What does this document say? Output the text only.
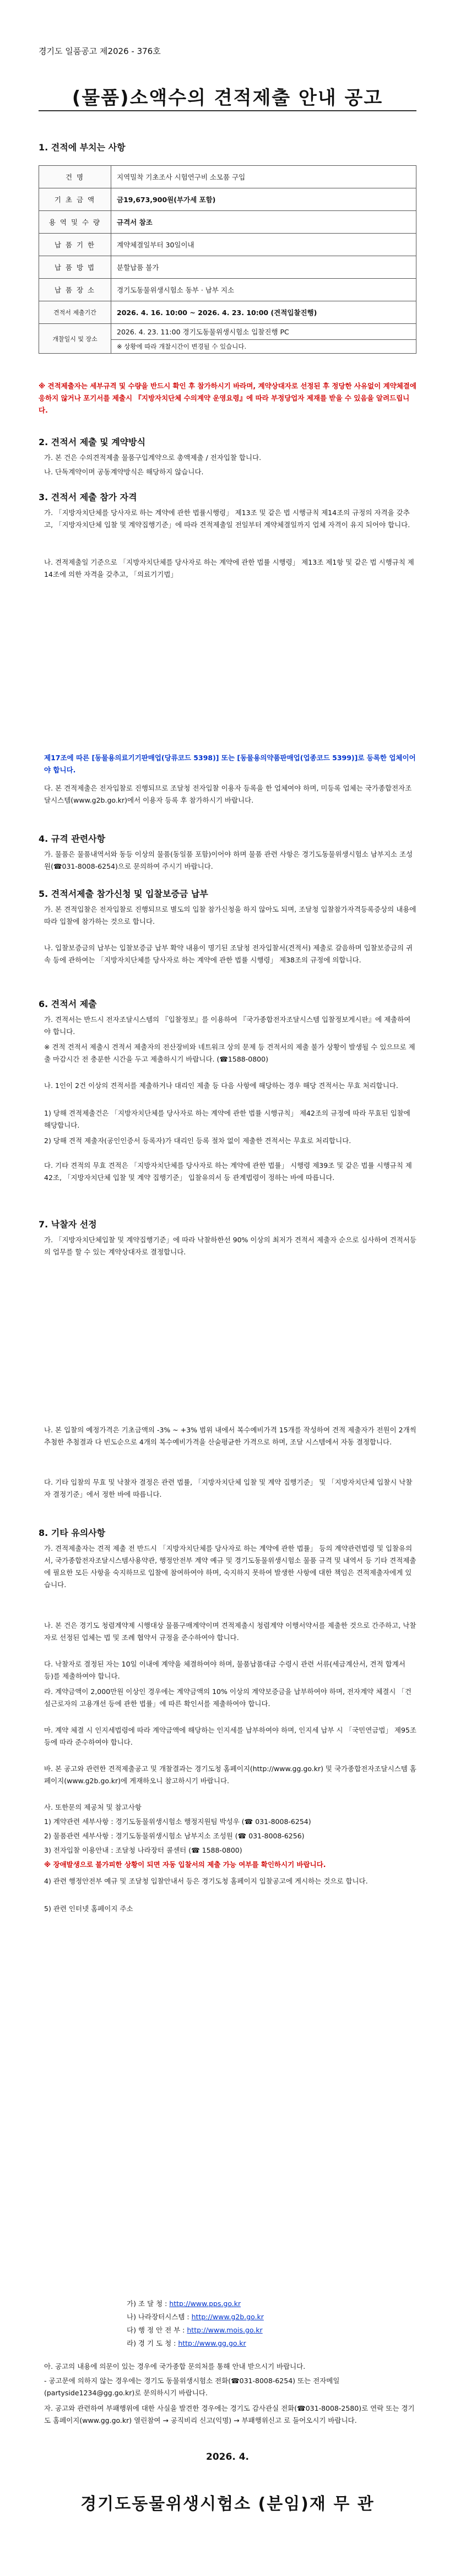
경기도 일품공고 제2026 - 376호
(물품)소액수의 견적제출 안내 공고
1. 견적에 부치는 사항
건 명	지역밀착 기초조사 시험연구비 소모품 구입
기 초 금 액	금19,673,900원(부가세 포함)
용 역 및 수 량	규격서 참조
납 품 기 한	계약체결일부터 30일이내
납 품 방 법	분할납품 불가
납 품 장 소	경기도동물위생시험소 동부 · 남부 지소
견적서 제출기간	2026. 4. 16. 10:00 ~ 2026. 4. 23. 10:00 (견적입찰진행)
개찰일시 및 장소	2026. 4. 23. 11:00 경기도동물위생시험소 입찰진행 PC
	※ 상황에 따라 개찰시간이 변경될 수 있습니다.
※ 견적제출자는 세부규격 및 수량을 반드시 확인 후 참가하시기 바라며, 계약상대자로 선정된 후 정당한 사유없이 계약체결에 응하지 않거나 포기서를 제출시 『지방자치단체 수의계약 운영요령』에 따라 부정당업자 제재를 받을 수 있음을 알려드립니다.
2. 견적서 제출 및 계약방식
가. 본 건은 수의견적제출 물품구입계약으로 총액제출 / 전자입찰 합니다.
나. 단독계약이며 공동계약방식은 해당하지 않습니다.
3. 견적서 제출 참가 자격
가. 「지방자치단체를 당사자로 하는 계약에 관한 법률시행령」 제13조 및 같은 법 시행규칙 제14조의 규정의 자격을 갖추고, 「지방자치단체 입찰 및 계약집행기준」에 따라 견적제출일 전일부터 계약체결일까지 업체 자격이 유지 되어야 합니다.
나. 견적제출일 기준으로 「지방자치단체를 당사자로 하는 계약에 관한 법률 시행령」 제13조 제1항 및 같은 법 시행규칙 제14조에 의한 자격을 갖추고, 「의료기기법」
제17조에 따른 [동물용의료기기판매업(당류코드 5398)] 또는 [동물용의약품판매업(업종코드 5399)]로 등록한 업체이어야 합니다.
다. 본 견적제출은 전자입찰로 진행되므로 조달청 전자입찰 이용자 등록을 한 업체여야 하며, 미등록 업체는 국가종합전자조달시스템(www.g2b.go.kr)에서 이용자 등록 후 참가하시기 바랍니다.
4. 규격 관련사항
가. 물품은 물품내역서와 동등 이상의 물품(동일품 포함)이어야 하며 물품 관련 사항은 경기도동물위생시험소 남부지소 조성원(☎031-8008-6254)으로 문의하여 주시기 바랍니다.
5. 견적서제출 참가신청 및 입찰보증금 납부
가. 본 견적입찰은 전자입찰로 진행되므로 별도의 입찰 참가신청을 하지 않아도 되며, 조달청 입찰참가자격등록증상의 내용에 따라 입찰에 참가하는 것으로 합니다.
나. 입찰보증금의 납부는 입찰보증금 납부 확약 내용이 명기된 조달청 전자입찰서(견적서) 제출로 갈음하며 입찰보증금의 귀속 등에 관하여는 「지방자치단체를 당사자로 하는 계약에 관한 법률 시행령」 제38조의 규정에 의합니다.
6. 견적서 제출
가. 견적서는 반드시 전자조달시스템의 『입찰정보』를 이용하여 『국가종합전자조달시스템 입찰정보게시판』에 제출하여야 합니다.
※ 견적 견적서 제출시 견적서 제출자의 전산장비와 네트워크 상의 문제 등 견적서의 제출 불가 상황이 발생될 수 있으므로 제출 마감시간 전 충분한 시간을 두고 제출하시기 바랍니다. (☎1588-0800)
나. 1인이 2건 이상의 견적서를 제출하거나 대리인 제출 등 다음 사항에 해당하는 경우 해당 견적서는 무효 처리합니다.
1) 당해 견적제출건은 「지방자치단체를 당사자로 하는 계약에 관한 법률 시행규칙」 제42조의 규정에 따라 무효된 입찰에 해당합니다.
2) 당해 견적 제출자(공인인증서 등록자)가 대리인 등록 절차 없이 제출한 견적서는 무효로 처리합니다.
다. 기타 견적의 무효 견적은 「지방자치단체를 당사자로 하는 계약에 관한 법률」 시행령 제39조 및 같은 법률 시행규칙 제42조, 「지방자치단체 입찰 및 계약 집행기준」 입찰유의서 등 관계법령이 정하는 바에 따릅니다.
7. 낙찰자 선정
가. 「지방자치단체입찰 및 계약집행기준」에 따라 낙찰하한선 90% 이상의 최저가 견적서 제출자 순으로 심사하여 견적서등의 업무를 할 수 있는 계약상대자로 결정합니다.
나. 본 입찰의 예정가격은 기초금액의 -3% ~ +3% 범위 내에서 복수예비가격 15개를 작성하여 견적 제출자가 전원이 2개씩 추첨한 추첨결과 다 빈도순으로 4개의 복수예비가격을 산술평균한 가격으로 하며, 조달 시스템에서 자동 결정합니다.
다. 기타 입찰의 무효 및 낙찰자 결정은 관련 법률, 「지방자치단체 입찰 및 계약 집행기준」 및 「지방자치단체 입찰시 낙찰자 결정기준」에서 정한 바에 따릅니다.
8. 기타 유의사항
가. 견적제출자는 견적 제출 전 반드시 「지방자치단체를 당사자로 하는 계약에 관한 법률」 등의 계약관련법령 및 입찰유의서, 국가종합전자조달시스템사용약관, 행정안전부 계약 예규 및 경기도동물위생시험소 물품 규격 및 내역서 등 기타 견적제출에 필요한 모든 사항을 숙지하므로 입찰에 참여하여야 하며, 숙지하지 못하여 발생한 사항에 대한 책임은 견적제출자에게 있습니다.
나. 본 건은 경기도 청렴계약제 시행대상 물품구매계약이며 견적제출시 청렴계약 이행서약서를 제출한 것으로 간주하고, 낙찰자로 선정된 업체는 법 및 조례 협약서 규정을 준수하여야 합니다.
다. 낙찰자로 결정된 자는 10일 이내에 계약을 체결하여야 하며, 물품납품대금 수령시 관련 서류(세금계산서, 견적 합계서 등)를 제출하여야 합니다.
라. 계약금액이 2,000만원 이상인 경우에는 계약금액의 10% 이상의 계약보증금을 납부하여야 하며, 전자계약 체결시 「건설근로자의 고용개선 등에 관한 법률」에 따른 확인서를 제출하여야 합니다.
마. 계약 체결 시 인지세법령에 따라 계약금액에 해당하는 인지세를 납부하여야 하며, 인지세 납부 시 「국민연금법」 제95조 등에 따라 준수하여야 합니다.
바. 본 공고와 관련한 견적제출공고 및 개찰결과는 경기도청 홈페이지(http://www.gg.go.kr) 및 국가종합전자조달시스템 홈페이지(www.g2b.go.kr)에 게재하오니 참고하시기 바랍니다.
사. 또한문의 제공처 및 참고사항
1) 계약관련 세부사항 : 경기도동물위생시험소 행정지원팀 박성우 (☎ 031-8008-6254)
2) 물품관련 세부사항 : 경기도동물위생시험소 남부지소 조성원 (☎ 031-8008-6256)
3) 전자입찰 이용안내 : 조달청 나라장터 콜센터 (☎ 1588-0800)
※ 장애발생으로 불가피한 상황이 되면 자동 입찰서의 제출 가능 여부를 확인하시기 바랍니다.
4) 관련 행정안전부 예규 및 조달청 입찰안내서 등은 경기도청 홈페이지 입찰공고에 게시하는 것으로 합니다.
5) 관련 인터넷 홈페이지 주소
가) 조 달 청 : http://www.pps.go.kr
나) 나라장터시스템 : http://www.g2b.go.kr
다) 행 정 안 전 부 : http://www.mois.go.kr
라) 경 기 도 청 : http://www.gg.go.kr
아. 공고의 내용에 의문이 있는 경우에 국가종합 문의처를 통해 안내 받으시기 바랍니다.
- 공고문에 의하지 않는 경우에는 경기도 동물위생시험소 전화(☎031-8008-6254) 또는 전자메일(partyside1234@gg.go.kr)로 문의하시기 바랍니다.
자. 공고와 관련하여 부패행위에 대한 사실을 발견한 경우에는 경기도 감사관실 전화(☎031-8008-2580)로 연락 또는 경기도 홈페이지(www.gg.go.kr) 열린참여 → 공직비리 신고(익명) → 부패행위신고 로 들어오시기 바랍니다.
2026. 4.
경기도동물위생시험소 (분임)재 무 관
